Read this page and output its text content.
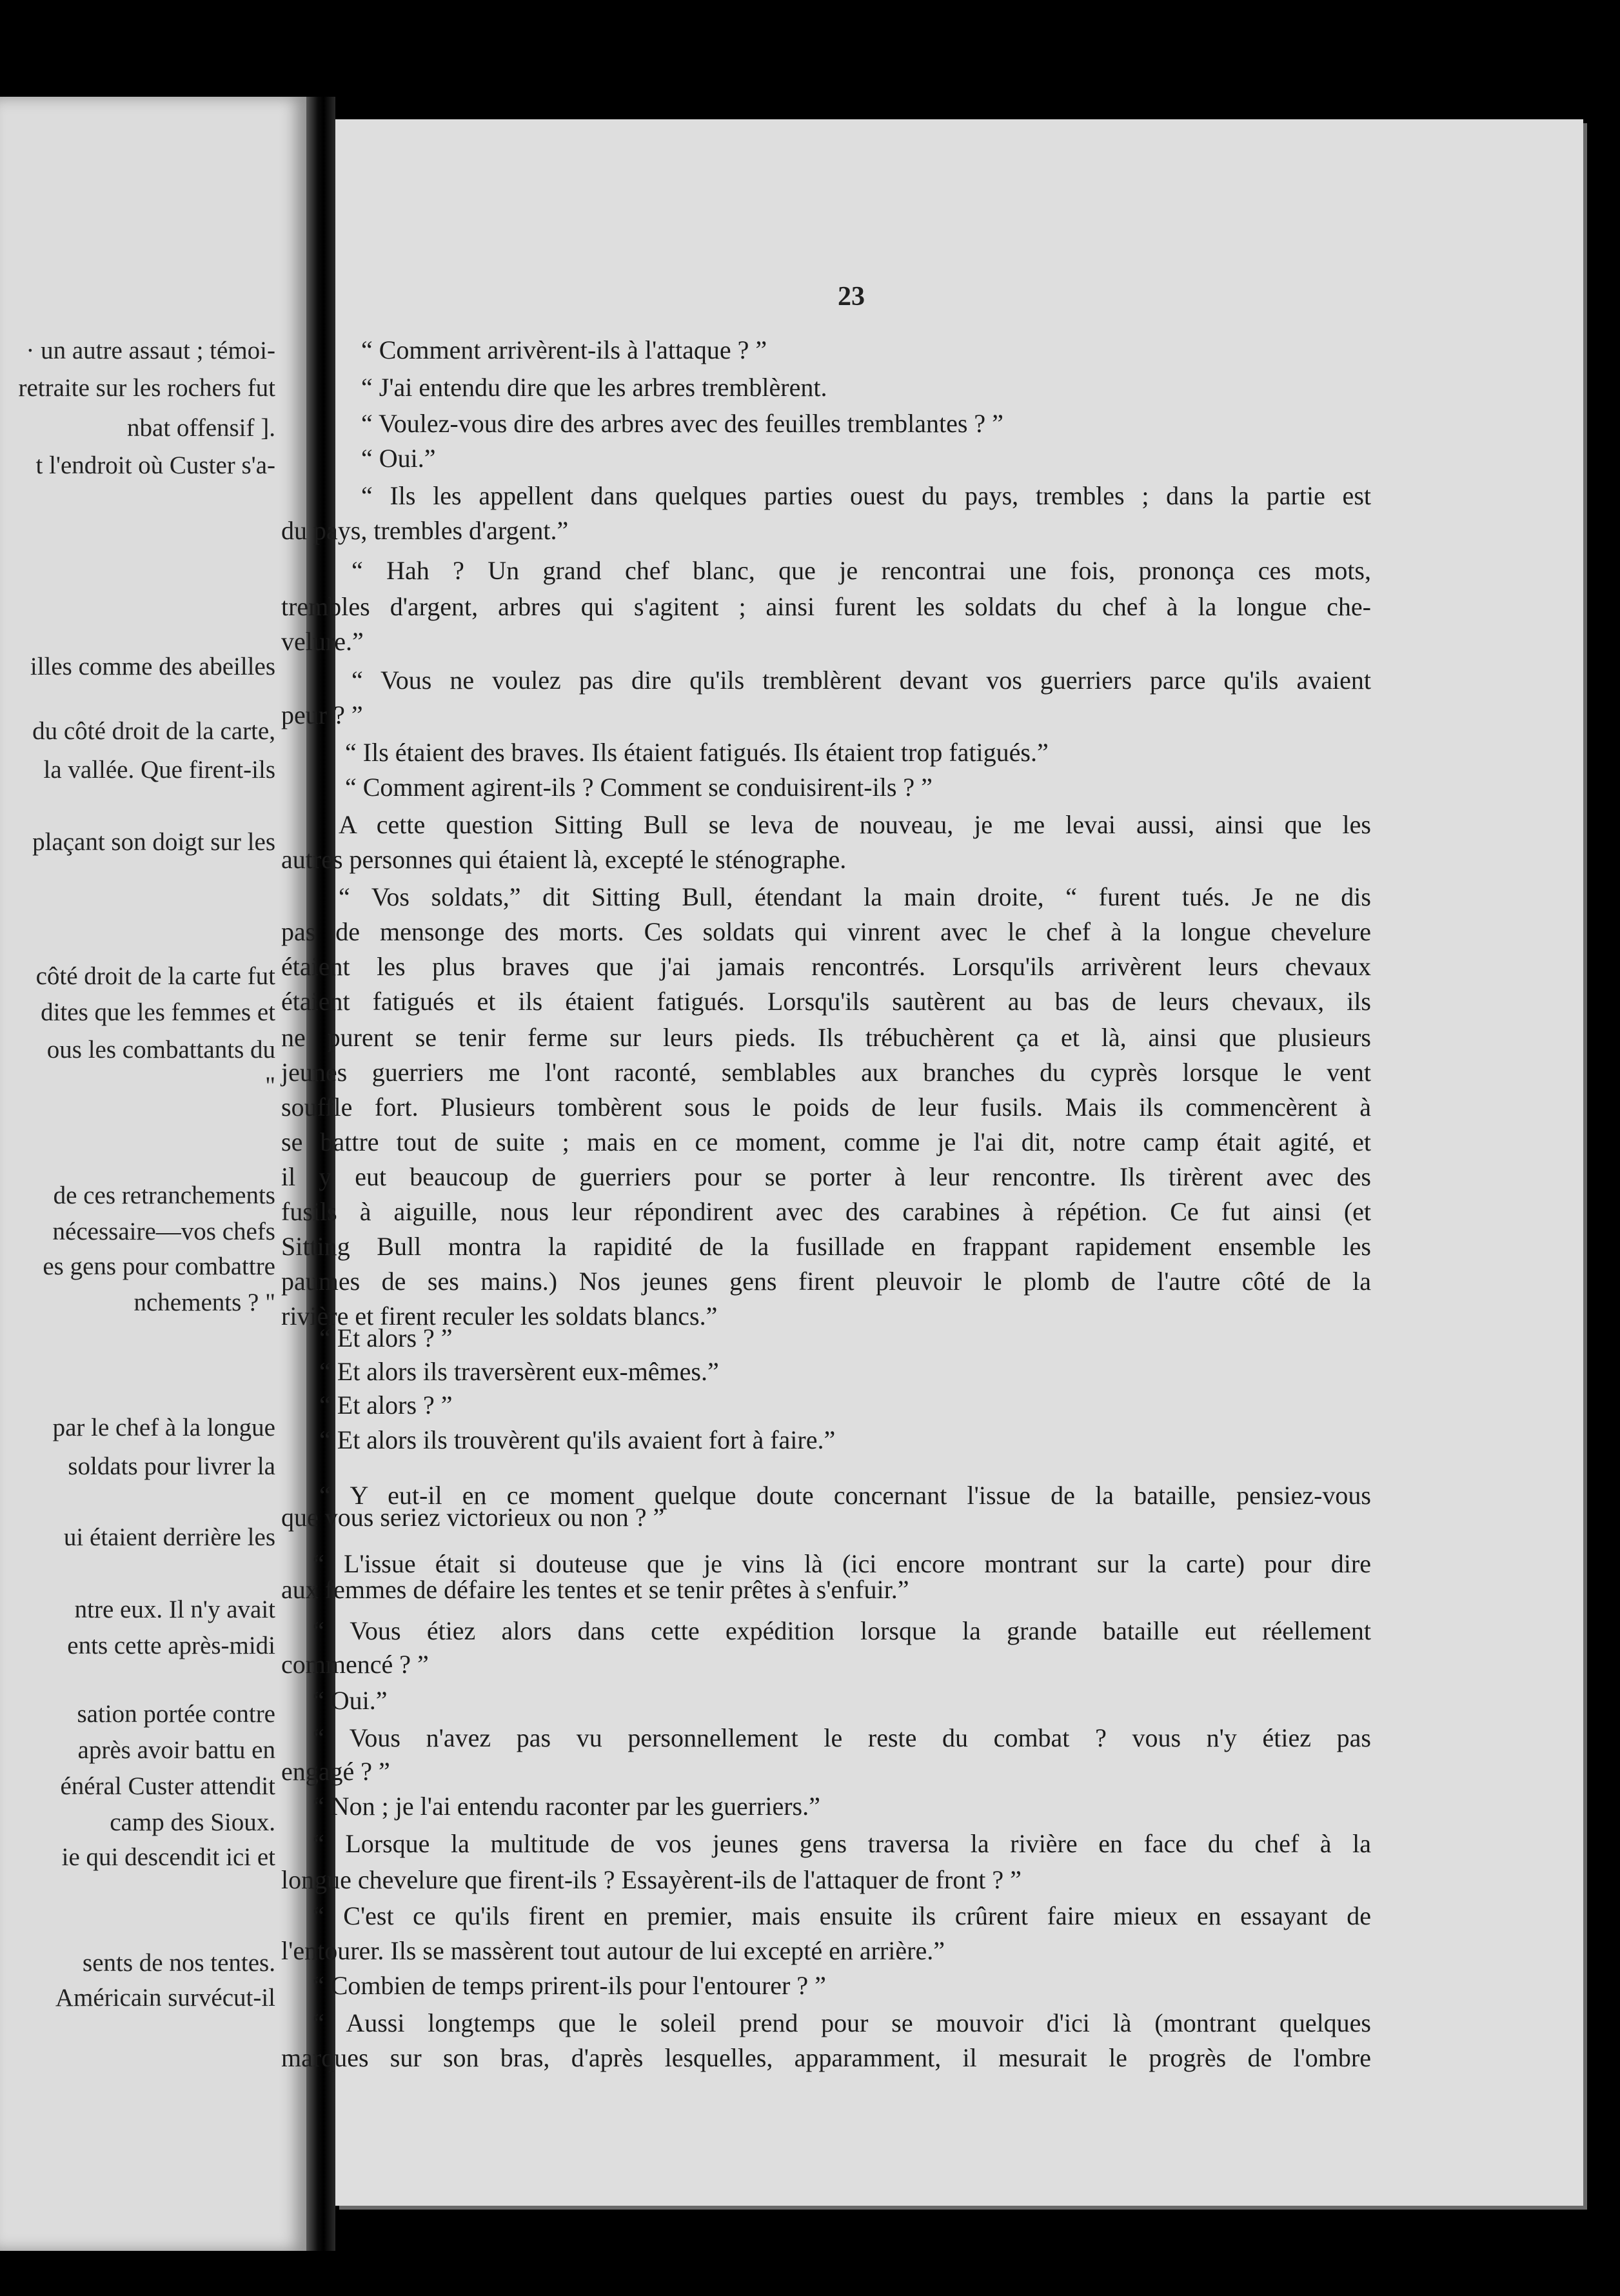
· un autre assaut ; témoi-
retraite sur les rochers fut
nbat offensif ].
t l'endroit où Custer s'a-
illes comme des abeilles
du côté droit de la carte,
la vallée. Que firent-ils
plaçant son doigt sur les
côté droit de la carte fut
dites que les femmes et
ous les combattants du
"
de ces retranchements
nécessaire—vos chefs
es gens pour combattre
nchements ? "
par le chef à la longue
soldats pour livrer la
ui étaient derrière les
ntre eux. Il n'y avait
ents cette après-midi
sation portée contre
après avoir battu en
énéral Custer attendit
camp des Sioux.
ie qui descendit ici et
sents de nos tentes.
Américain survécut-il
23
“ Comment arrivèrent-ils à l'attaque ? ”
“ J'ai entendu dire que les arbres tremblèrent.
“ Voulez-vous dire des arbres avec des feuilles tremblantes ? ”
“ Oui.”
“ Ils les appellent dans quelques parties ouest du pays, trembles ; dans la partie est
du pays, trembles d'argent.”
“ Hah ? Un grand chef blanc, que je rencontrai une fois, prononça ces mots,
trembles d'argent, arbres qui s'agitent ; ainsi furent les soldats du chef à la longue che-
velure.”
“ Vous ne voulez pas dire qu'ils tremblèrent devant vos guerriers parce qu'ils avaient
peur ? ”
“ Ils étaient des braves. Ils étaient fatigués. Ils étaient trop fatigués.”
“ Comment agirent-ils ? Comment se conduisirent-ils ? ”
A cette question Sitting Bull se leva de nouveau, je me levai aussi, ainsi que les
autres personnes qui étaient là, excepté le sténographe.
“ Vos soldats,” dit Sitting Bull, étendant la main droite, “ furent tués. Je ne dis
pas de mensonge des morts. Ces soldats qui vinrent avec le chef à la longue chevelure
étaient les plus braves que j'ai jamais rencontrés. Lorsqu'ils arrivèrent leurs chevaux
étaient fatigués et ils étaient fatigués. Lorsqu'ils sautèrent au bas de leurs chevaux, ils
ne purent se tenir ferme sur leurs pieds. Ils trébuchèrent ça et là, ainsi que plusieurs
jeunes guerriers me l'ont raconté, semblables aux branches du cyprès lorsque le vent
souffle fort. Plusieurs tombèrent sous le poids de leur fusils. Mais ils commencèrent à
se battre tout de suite ; mais en ce moment, comme je l'ai dit, notre camp était agité, et
il y eut beaucoup de guerriers pour se porter à leur rencontre. Ils tirèrent avec des
fusils à aiguille, nous leur répondirent avec des carabines à répétion. Ce fut ainsi (et
Sitting Bull montra la rapidité de la fusillade en frappant rapidement ensemble les
paumes de ses mains.) Nos jeunes gens firent pleuvoir le plomb de l'autre côté de la
rivière et firent reculer les soldats blancs.”
“ Et alors ? ”
“ Et alors ils traversèrent eux-mêmes.”
“ Et alors ? ”
“ Et alors ils trouvèrent qu'ils avaient fort à faire.”
“ Y eut-il en ce moment quelque doute concernant l'issue de la bataille, pensiez-vous
que vous seriez victorieux ou non ? ”
“ L'issue était si douteuse que je vins là (ici encore montrant sur la carte) pour dire
aux femmes de défaire les tentes et se tenir prêtes à s'enfuir.”
“ Vous étiez alors dans cette expédition lorsque la grande bataille eut réellement
commencé ? ”
“ Oui.”
“ Vous n'avez pas vu personnellement le reste du combat ? vous n'y étiez pas
engagé ? ”
“ Non ; je l'ai entendu raconter par les guerriers.”
“ Lorsque la multitude de vos jeunes gens traversa la rivière en face du chef à la
longue chevelure que firent-ils ? Essayèrent-ils de l'attaquer de front ? ”
“ C'est ce qu'ils firent en premier, mais ensuite ils crûrent faire mieux en essayant de
l'entourer. Ils se massèrent tout autour de lui excepté en arrière.”
“ Combien de temps prirent-ils pour l'entourer ? ”
“ Aussi longtemps que le soleil prend pour se mouvoir d'ici là (montrant quelques
marques sur son bras, d'après lesquelles, apparamment, il mesurait le progrès de l'ombre
